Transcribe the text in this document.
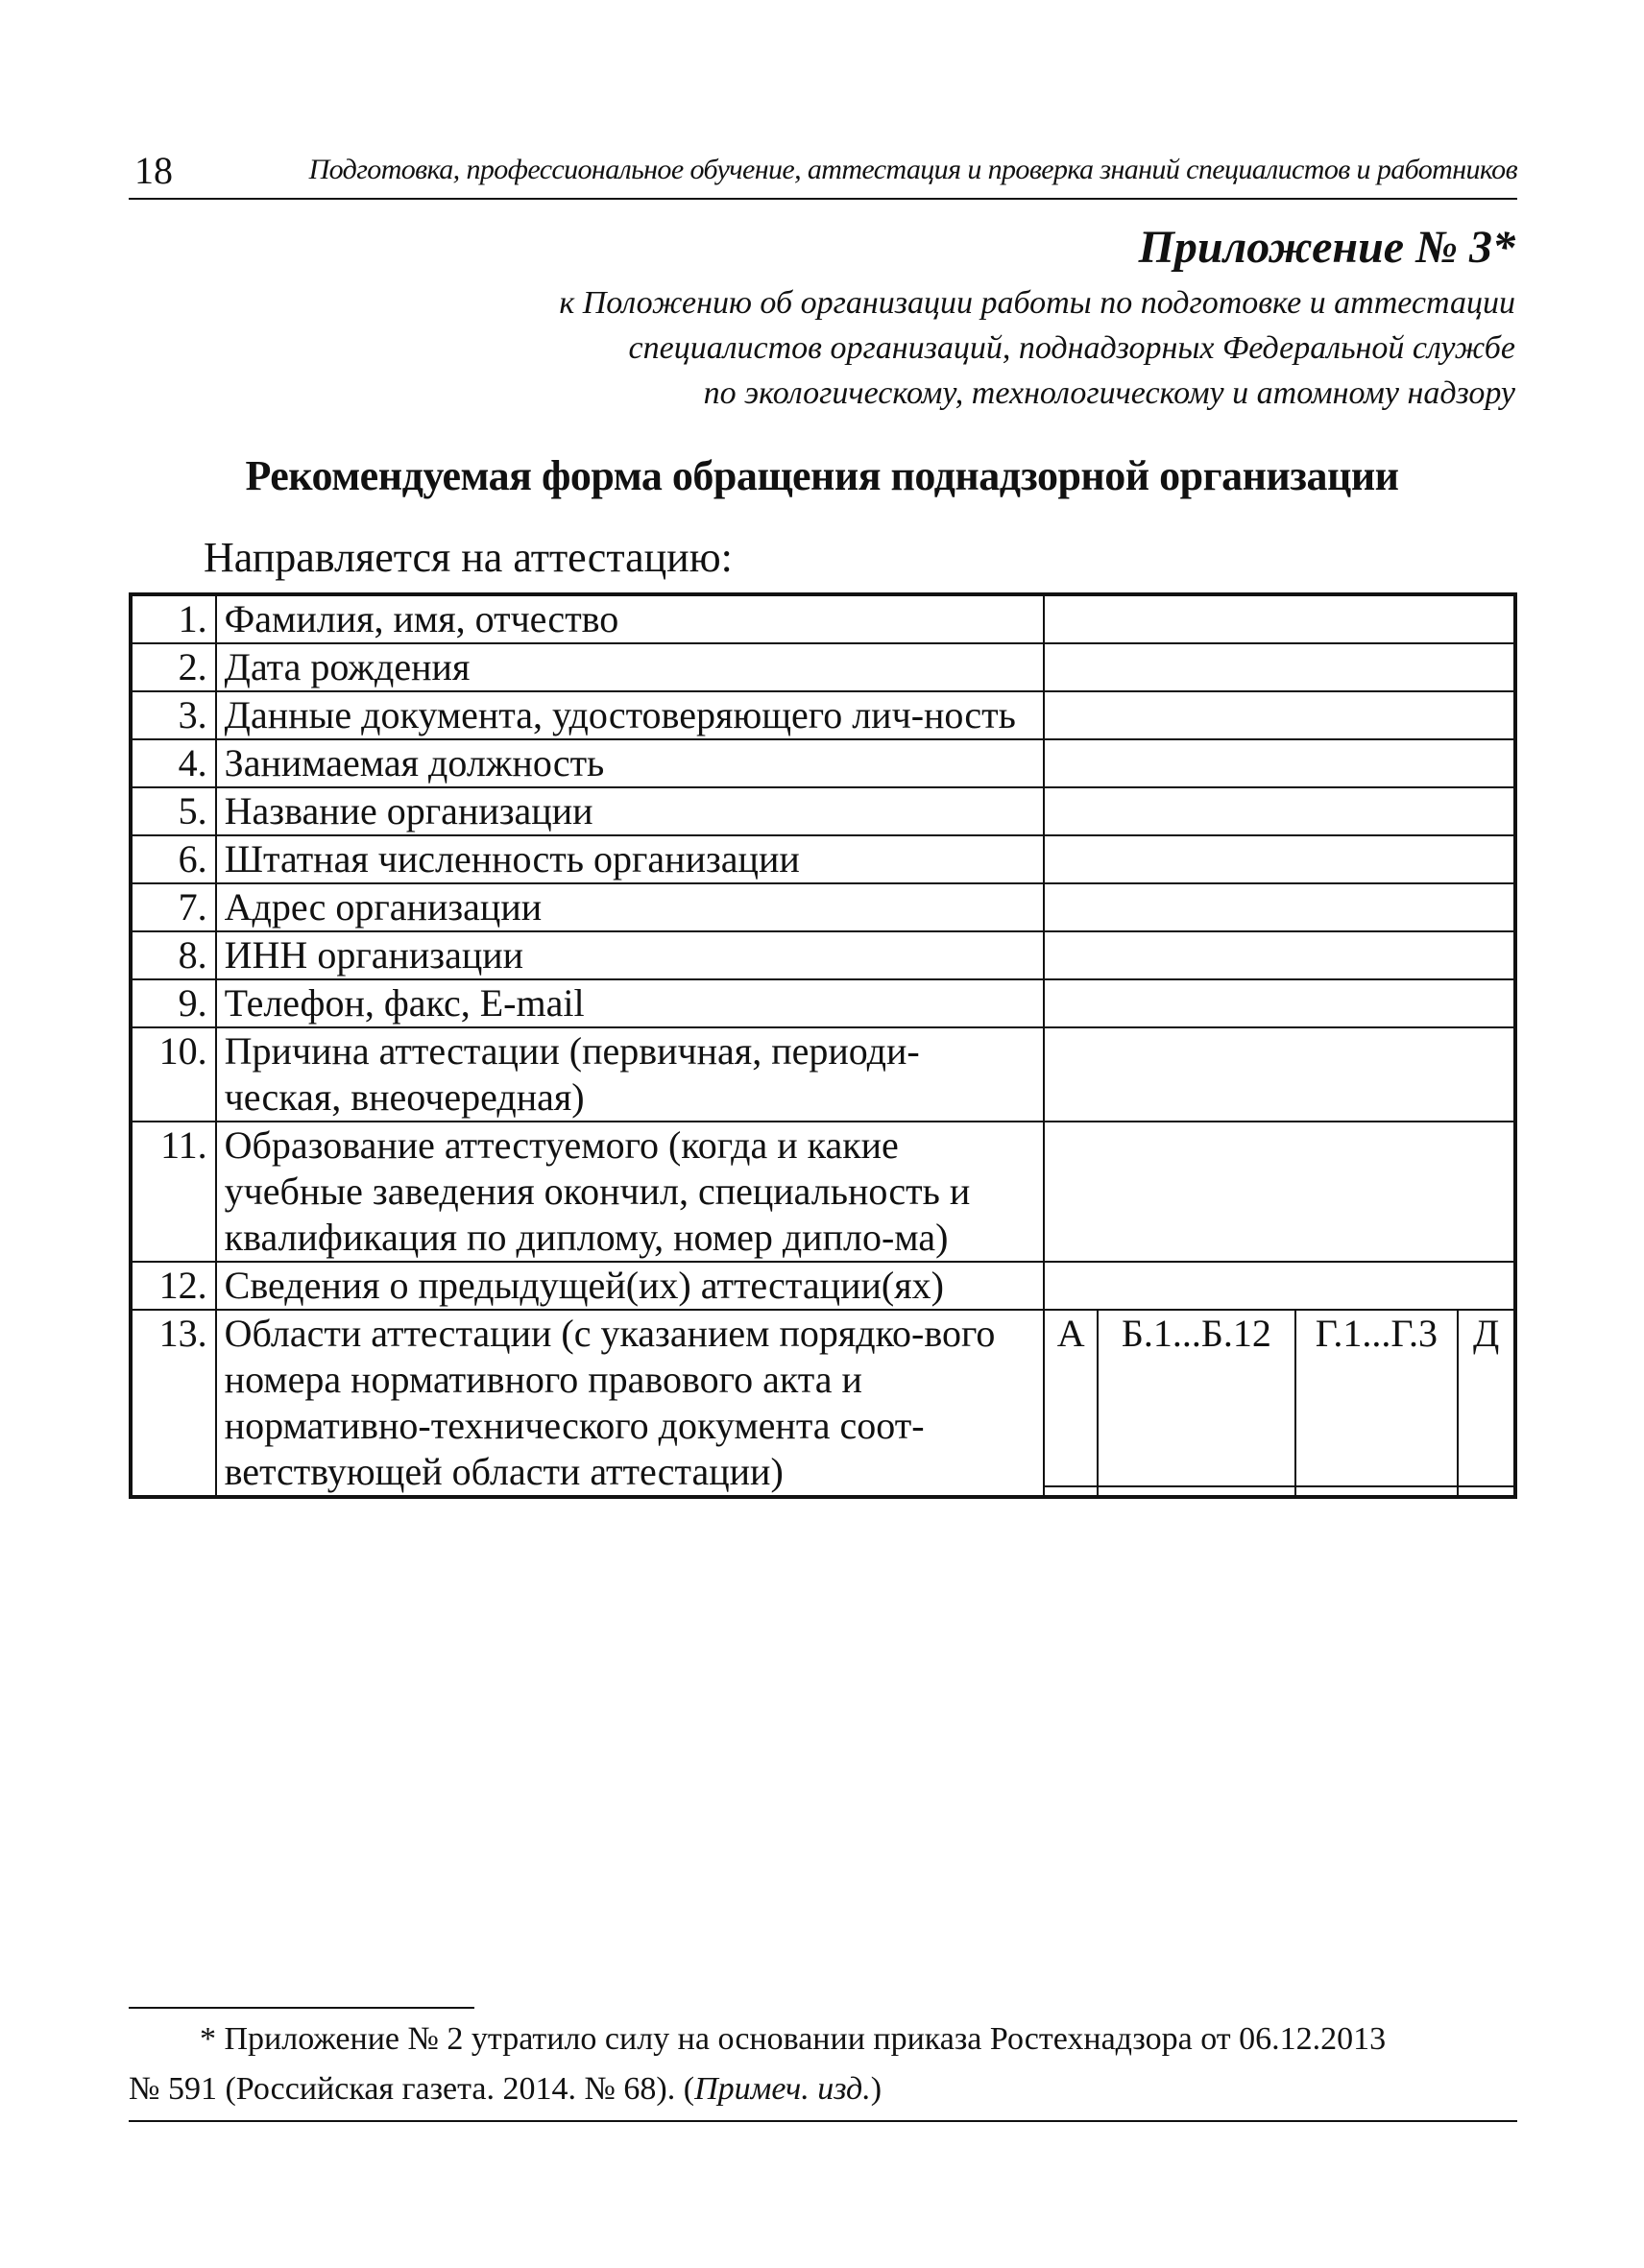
18	Подготовка, профессиональное обучение, аттестация и проверка знаний специалистов и работников
Приложение № 3*
к Положению об организации работы по подготовке и аттестации
специалистов организаций, поднадзорных Федеральной службе
по экологическому, технологическому и атомному надзору
Рекомендуемая форма обращения поднадзорной организации
Направляется на аттестацию:
1.	Фамилия, имя, отчество				
2.	Дата рождения				
3.	Данные документа, удостоверяющего лич-ность				
4.	Занимаемая должность				
5.	Название организации				
6.	Штатная численность организации				
7.	Адрес организации				
8.	ИНН организации				
9.	Телефон, факс, E-mail				
10.	Причина аттестации (первичная, периоди-ческая, внеочередная)				
11.	Образование аттестуемого (когда и какие учебные заведения окончил, специальность и квалификация по диплому, номер дипло-ма)				
12.	Сведения о предыдущей(их) аттестации(ях)				
13.	Области аттестации (с указанием порядко-вого номера нормативного правового акта и нормативно-технического документа соот-ветствующей области аттестации)	А	Б.1...Б.12	Г.1...Г.3	Д

* Приложение № 2 утратило силу на основании приказа Ростехнадзора от 06.12.2013
№ 591 (Российская газета. 2014. № 68). (Примеч. изд.)
